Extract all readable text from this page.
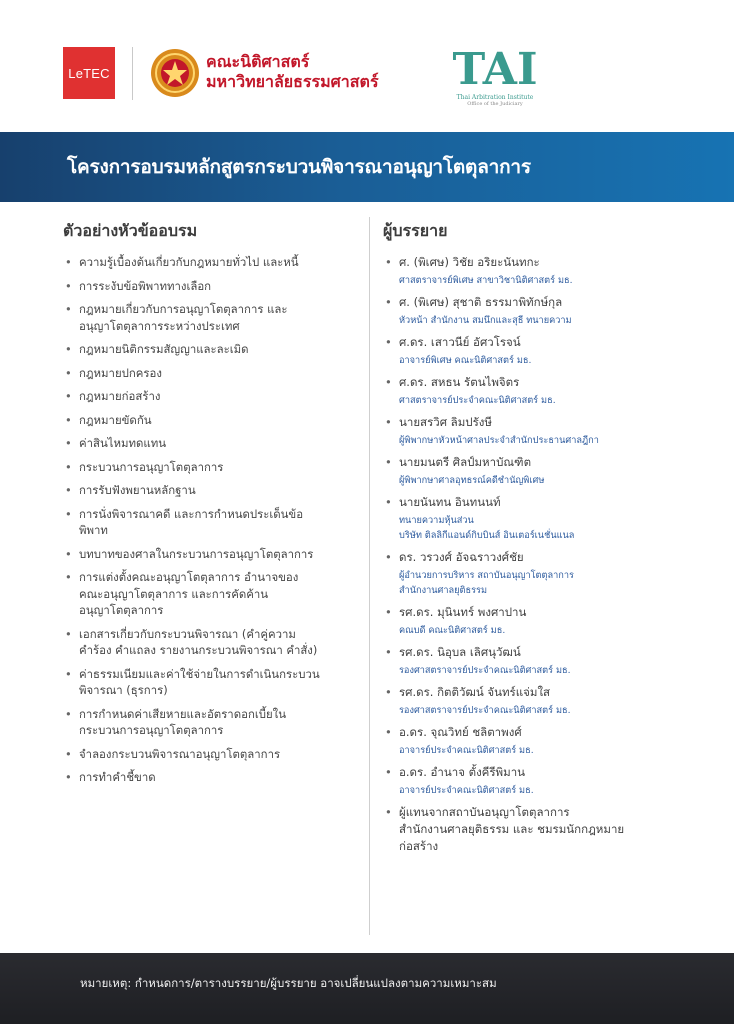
LeTEC
คณะนิติศาสตร์
มหาวิทยาลัยธรรมศาสตร์ TAI
Thai Arbitration Institute
Office of the Judiciary
โครงการอบรมหลักสูตรกระบวนพิจารณาอนุญาโตตุลาการ
ตัวอย่างหัวข้ออบรม
• ความรู้เบื้องต้นเกี่ยวกับกฎหมายทั่วไป และหนี้
• การระงับข้อพิพาททางเลือก
• กฎหมายเกี่ยวกับการอนุญาโตตุลาการ และ
อนุญาโตตุลาการระหว่างประเทศ
• กฎหมายนิติกรรมสัญญาและละเมิด
• กฎหมายปกครอง
• กฎหมายก่อสร้าง
• กฎหมายขัดกัน
• ค่าสินไหมทดแทน
• กระบวนการอนุญาโตตุลาการ
• การรับฟังพยานหลักฐาน
• การนั่งพิจารณาคดี และการกำหนดประเด็นข้อ
พิพาท
• บทบาทของศาลในกระบวนการอนุญาโตตุลาการ
• การแต่งตั้งคณะอนุญาโตตุลาการ อำนาจของ
คณะอนุญาโตตุลาการ และการคัดค้าน
อนุญาโตตุลาการ
• เอกสารเกี่ยวกับกระบวนพิจารณา (คำคู่ความ
คำร้อง คำแถลง รายงานกระบวนพิจารณา คำสั่ง)
• ค่าธรรมเนียมและค่าใช้จ่ายในการดำเนินกระบวน
พิจารณา (ธุรการ)
• การกำหนดค่าเสียหายและอัตราดอกเบี้ยใน
กระบวนการอนุญาโตตุลาการ
• จำลองกระบวนพิจารณาอนุญาโตตุลาการ
• การทำคำชี้ขาด
ผู้บรรยาย
• ศ. (พิเศษ) วิชัย อริยะนันทกะ
ศาสตราจารย์พิเศษ สาขาวิชานิติศาสตร์ มธ.
• ศ. (พิเศษ) สุชาติ ธรรมาพิทักษ์กุล
หัวหน้า สำนักงาน สมนึกและสุธี ทนายความ
• ศ.ดร. เสาวนีย์ อัศวโรจน์
อาจารย์พิเศษ คณะนิติศาสตร์ มธ.
• ศ.ดร. สหธน รัตนไพจิตร
ศาสตราจารย์ประจำคณะนิติศาสตร์ มธ.
• นายสรวิศ ลิมปรังษี
ผู้พิพากษาหัวหน้าศาลประจำสำนักประธานศาลฎีกา
• นายมนตรี ศิลป์มหาบัณฑิต
ผู้พิพากษาศาลอุทธรณ์คดีชำนัญพิเศษ
• นายนันทน อินทนนท์
ทนายความหุ้นส่วน
บริษัท ติลลิกีแอนด์กิบบินส์ อินเตอร์เนชั่นแนล
• ดร. วรวงศ์ อัจฉราวงศ์ชัย
ผู้อำนวยการบริหาร สถาบันอนุญาโตตุลาการ
สำนักงานศาลยุติธรรม
• รศ.ดร. มุนินทร์ พงศาปาน
คณบดี คณะนิติศาสตร์ มธ.
• รศ.ดร. นิอุบล เลิศนุวัฒน์
รองศาสตราจารย์ประจำคณะนิติศาสตร์ มธ.
• รศ.ดร. กิตติวัฒน์ จันทร์แจ่มใส
รองศาสตราจารย์ประจำคณะนิติศาสตร์ มธ.
• อ.ดร. จุณวิทย์ ชลิตาพงศ์
อาจารย์ประจำคณะนิติศาสตร์ มธ.
• อ.ดร. อำนาจ ตั้งคีรีพิมาน
อาจารย์ประจำคณะนิติศาสตร์ มธ.
• ผู้แทนจากสถาบันอนุญาโตตุลาการ
สำนักงานศาลยุติธรรม และ ชมรมนักกฎหมาย
ก่อสร้าง
หมายเหตุ: กำหนดการ/ตารางบรรยาย/ผู้บรรยาย อาจเปลี่ยนแปลงตามความเหมาะสม
